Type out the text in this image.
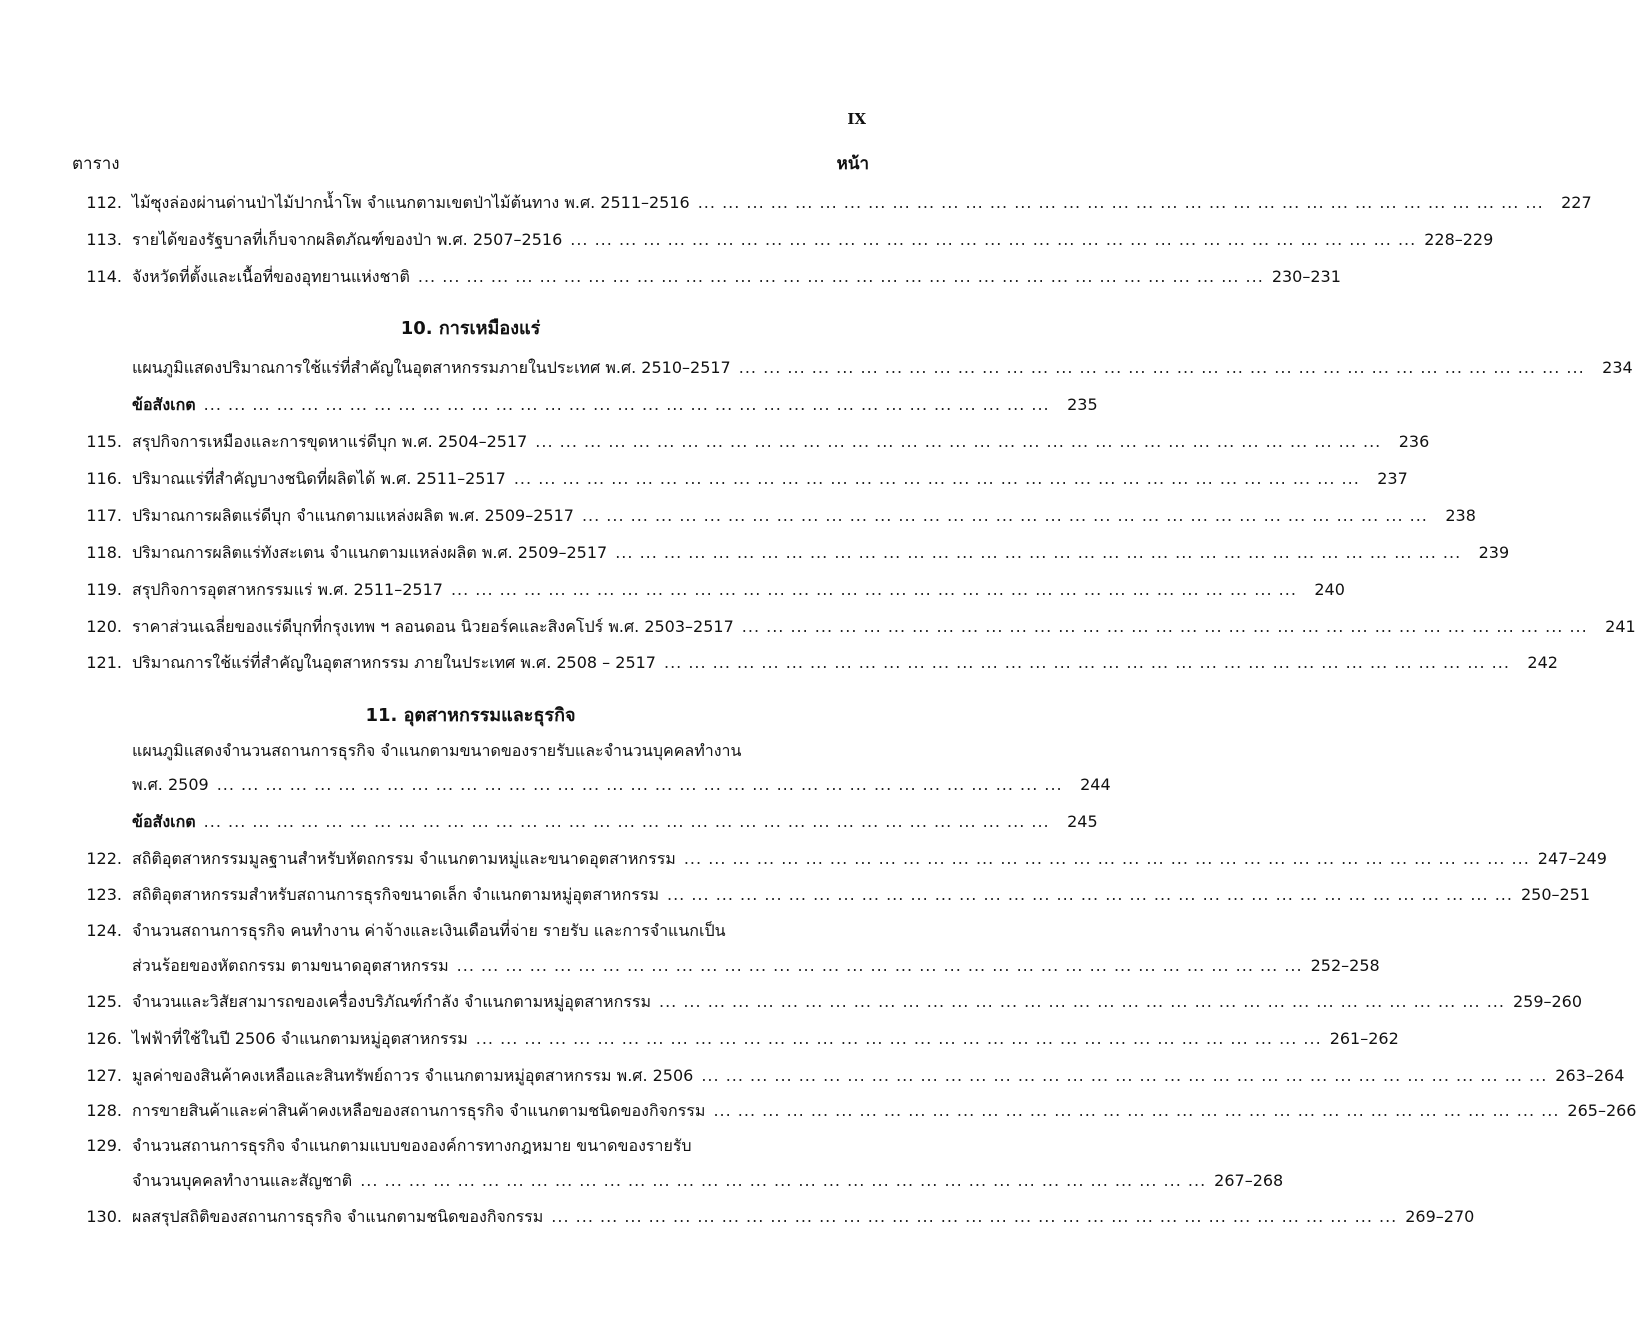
IX
ตาราง	หน้า
112. ไม้ซุงล่องผ่านด่านป่าไม้ปากน้ำโพ จำแนกตามเขตป่าไม้ต้นทาง พ.ศ. 2511–2516 ... .	227
113. รายได้ของรัฐบาลที่เก็บจากผลิตภัณฑ์ของป่า พ.ศ. 2507–2516 ... .	228–229
114. จังหวัดที่ตั้งและเนื้อที่ของอุทยานแห่งชาติ ... .	230–231
10. การเหมืองแร่
แผนภูมิแสดงปริมาณการใช้แร่ที่สำคัญในอุตสาหกรรมภายในประเทศ พ.ศ. 2510–2517 ... .	234
ข้อสังเกต ... .	235
115. สรุปกิจการเหมืองและการขุดหาแร่ดีบุก พ.ศ. 2504–2517 ... .	236
116. ปริมาณแร่ที่สำคัญบางชนิดที่ผลิตได้ พ.ศ. 2511–2517 ... .	237
117. ปริมาณการผลิตแร่ดีบุก จำแนกตามแหล่งผลิต พ.ศ. 2509–2517 ... .	238
118. ปริมาณการผลิตแร่ทังสะเตน จำแนกตามแหล่งผลิต พ.ศ. 2509–2517 ... .	239
119. สรุปกิจการอุตสาหกรรมแร่ พ.ศ. 2511–2517 ... .	240
120. ราคาส่วนเฉลี่ยของแร่ดีบุกที่กรุงเทพ ฯ ลอนดอน นิวยอร์คและสิงคโปร์ พ.ศ. 2503–2517 ... .	241
121. ปริมาณการใช้แร่ที่สำคัญในอุตสาหกรรม ภายในประเทศ พ.ศ. 2508 – 2517 ... .	242
11. อุตสาหกรรมและธุรกิจ
แผนภูมิแสดงจำนวนสถานการธุรกิจ จำแนกตามขนาดของรายรับและจำนวนบุคคลทำงาน
พ.ศ. 2509 ... .	244
ข้อสังเกต ... .	245
122. สถิติอุตสาหกรรมมูลฐานสำหรับหัตถกรรม จำแนกตามหมู่และขนาดอุตสาหกรรม ... .	247–249
123. สถิติอุตสาหกรรมสำหรับสถานการธุรกิจขนาดเล็ก จำแนกตามหมู่อุตสาหกรรม ... .	250–251
124. จำนวนสถานการธุรกิจ คนทำงาน ค่าจ้างและเงินเดือนที่จ่าย รายรับ และการจำแนกเป็น
ส่วนร้อยของหัตถกรรม ตามขนาดอุตสาหกรรม ... .	252–258
125. จำนวนและวิสัยสามารถของเครื่องบริภัณฑ์กำลัง จำแนกตามหมู่อุตสาหกรรม ... .	259–260
126. ไฟฟ้าที่ใช้ในปี 2506 จำแนกตามหมู่อุตสาหกรรม ... .	261–262
127. มูลค่าของสินค้าคงเหลือและสินทรัพย์ถาวร จำแนกตามหมู่อุตสาหกรรม พ.ศ. 2506 ... .	263–264
128. การขายสินค้าและค่าสินค้าคงเหลือของสถานการธุรกิจ จำแนกตามชนิดของกิจกรรม ... .	265–266
129. จำนวนสถานการธุรกิจ จำแนกตามแบบขององค์การทางกฎหมาย ขนาดของรายรับ
จำนวนบุคคลทำงานและสัญชาติ ... .	267–268
130. ผลสรุปสถิติของสถานการธุรกิจ จำแนกตามชนิดของกิจกรรม ... .	269–270
